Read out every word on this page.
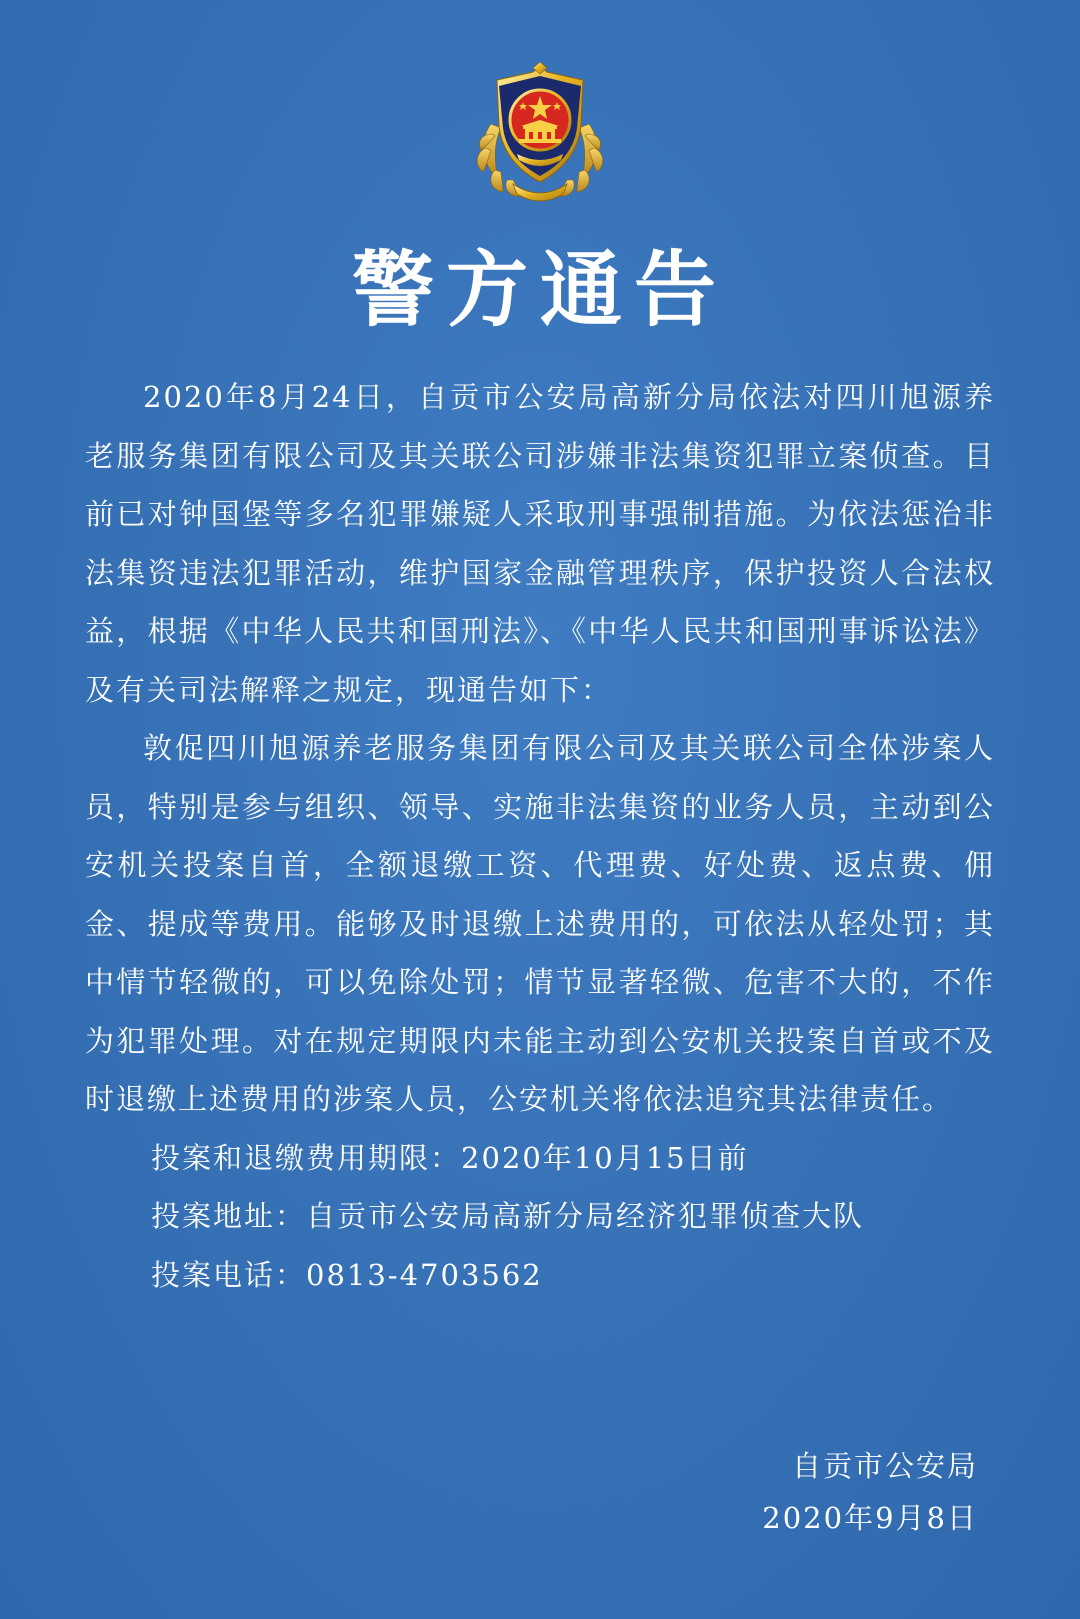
警方通告

2020年8月24日，自贡市公安局高新分局依法对四川旭源养老服务集团有限公司及其关联公司涉嫌非法集资犯罪立案侦查。目前已对钟国堡等多名犯罪嫌疑人采取刑事强制措施。为依法惩治非法集资违法犯罪活动，维护国家金融管理秩序，保护投资人合法权益，根据《中华人民共和国刑法》、《中华人民共和国刑事诉讼法》及有关司法解释之规定，现通告如下：

敦促四川旭源养老服务集团有限公司及其关联公司全体涉案人员，特别是参与组织、领导、实施非法集资的业务人员，主动到公安机关投案自首，全额退缴工资、代理费、好处费、返点费、佣金、提成等费用。能够及时退缴上述费用的，可依法从轻处罚；其中情节轻微的，可以免除处罚；情节显著轻微、危害不大的，不作为犯罪处理。对在规定期限内未能主动到公安机关投案自首或不及时退缴上述费用的涉案人员，公安机关将依法追究其法律责任。

投案和退缴费用期限：2020年10月15日前
投案地址：自贡市公安局高新分局经济犯罪侦查大队
投案电话：0813-4703562
自贡市公安局
2020年9月8日
